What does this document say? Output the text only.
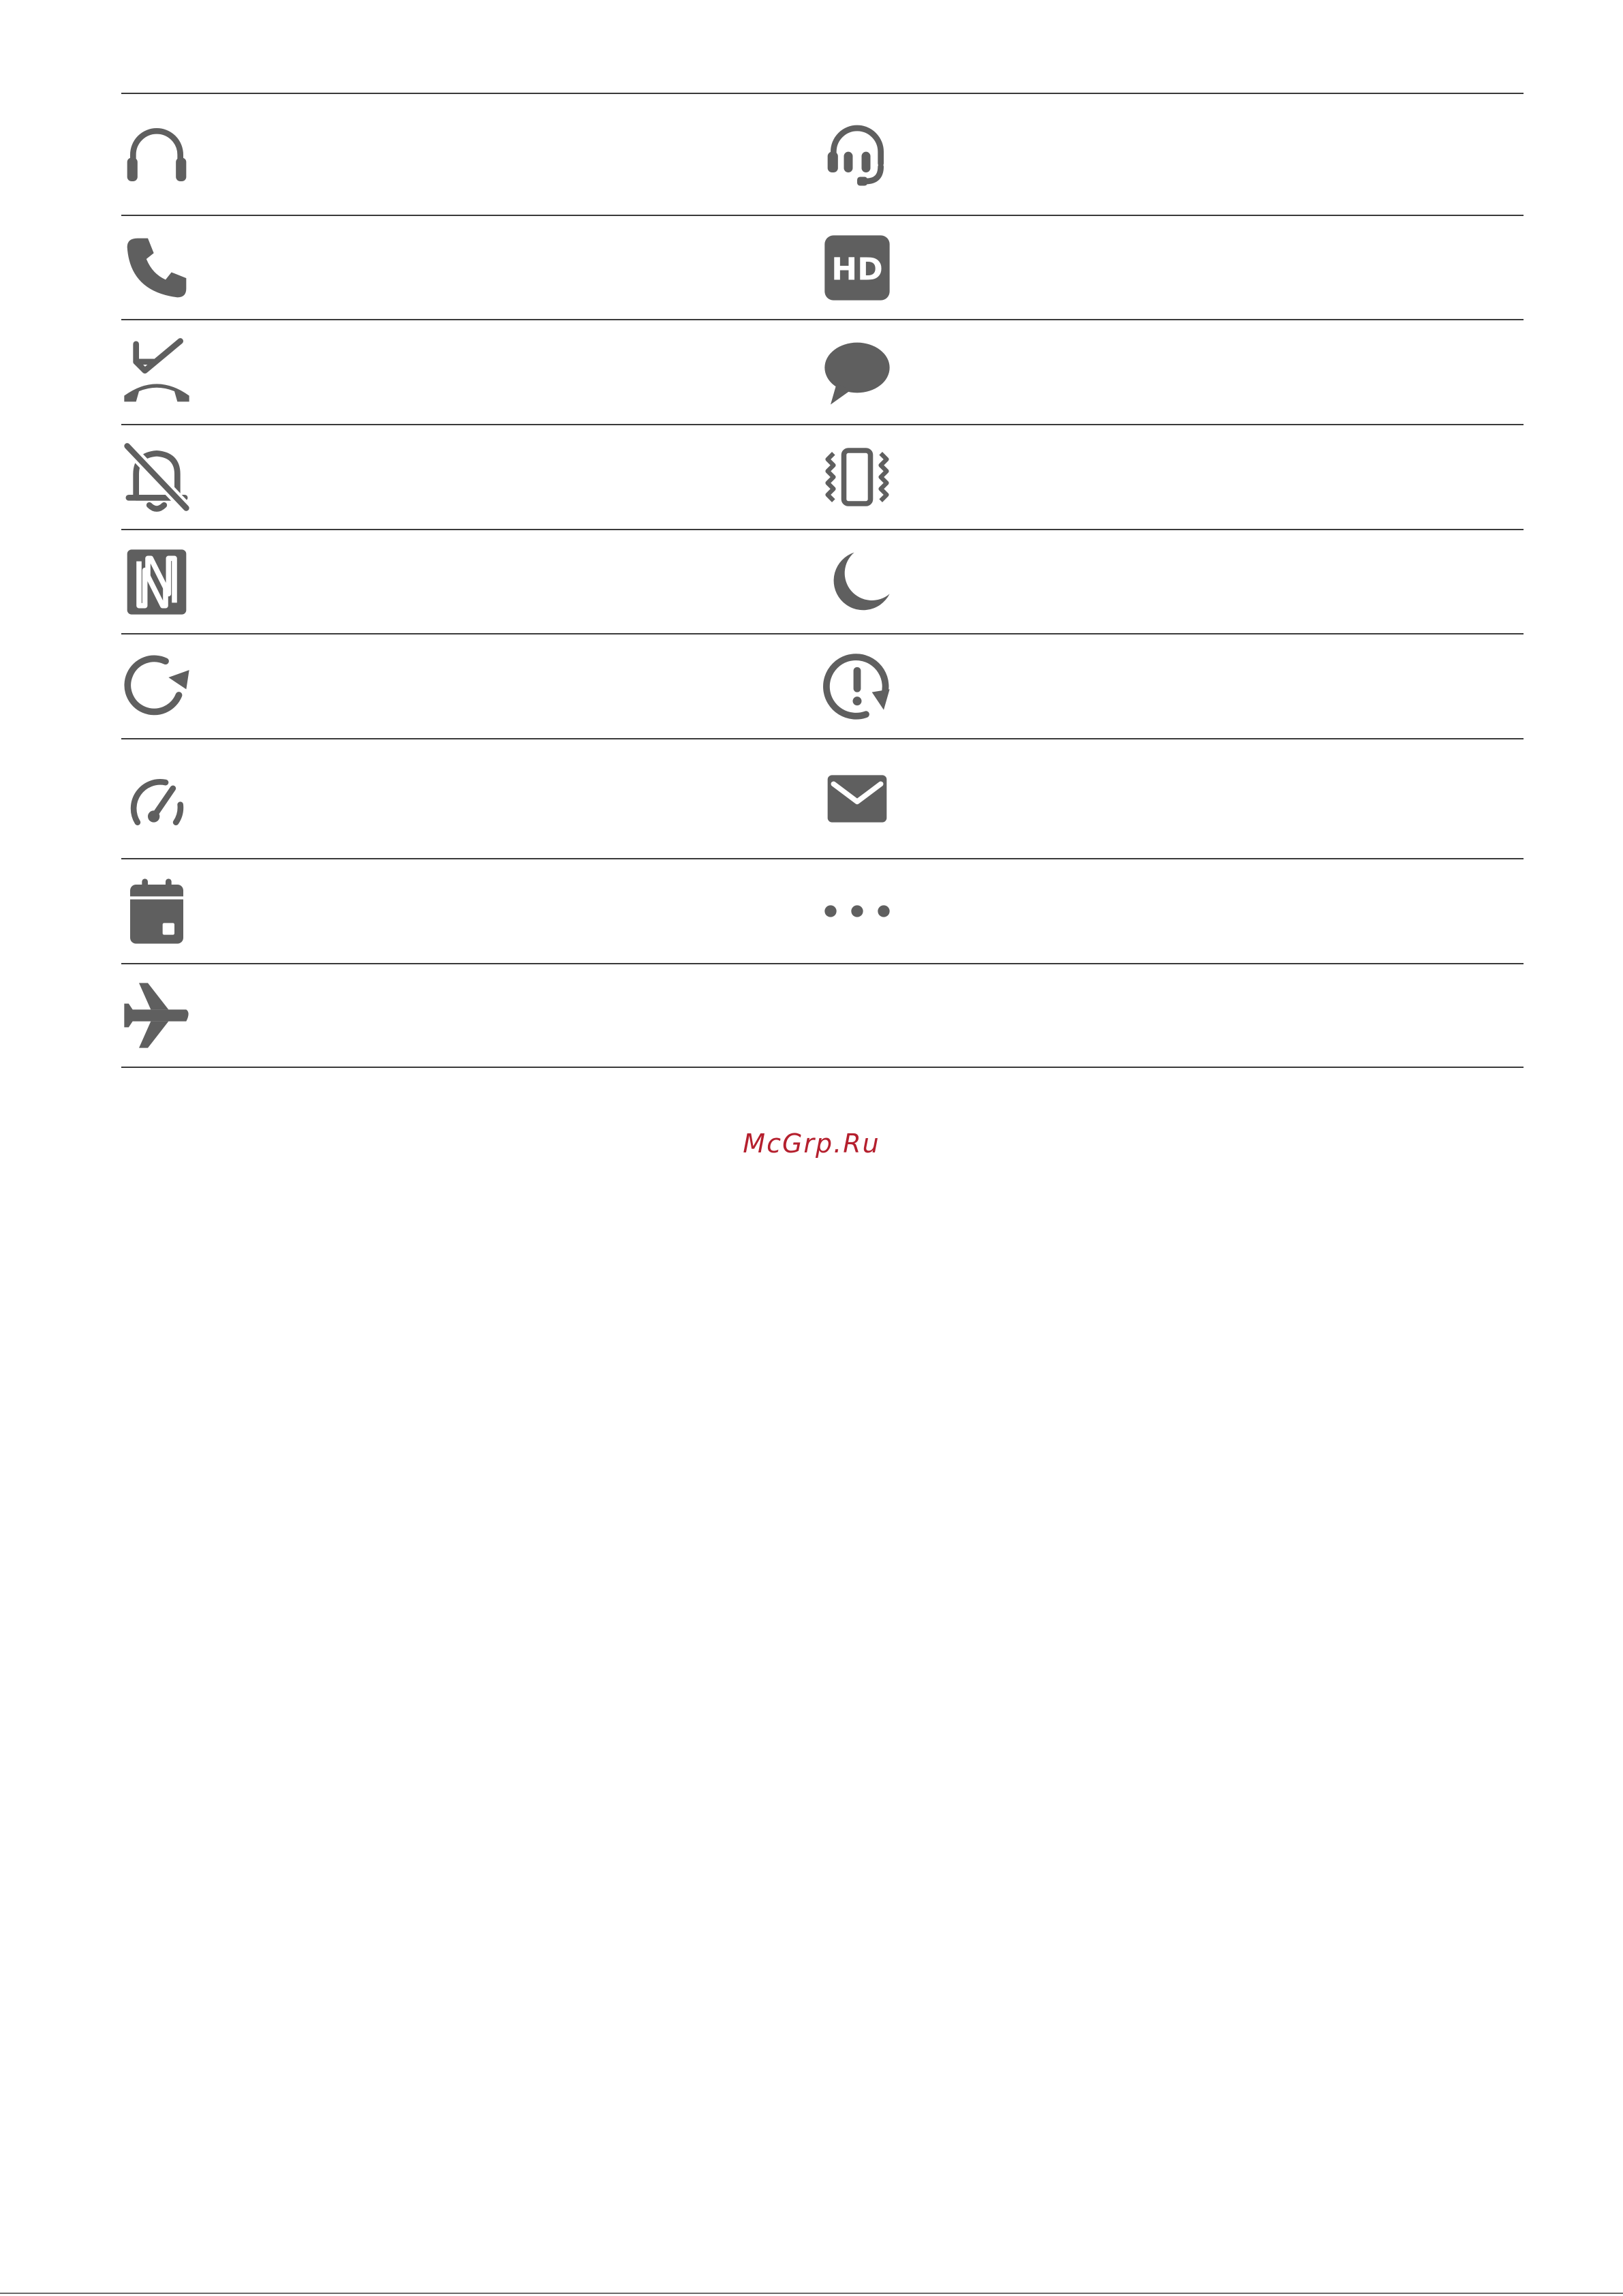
HD
McGrp.Ru
